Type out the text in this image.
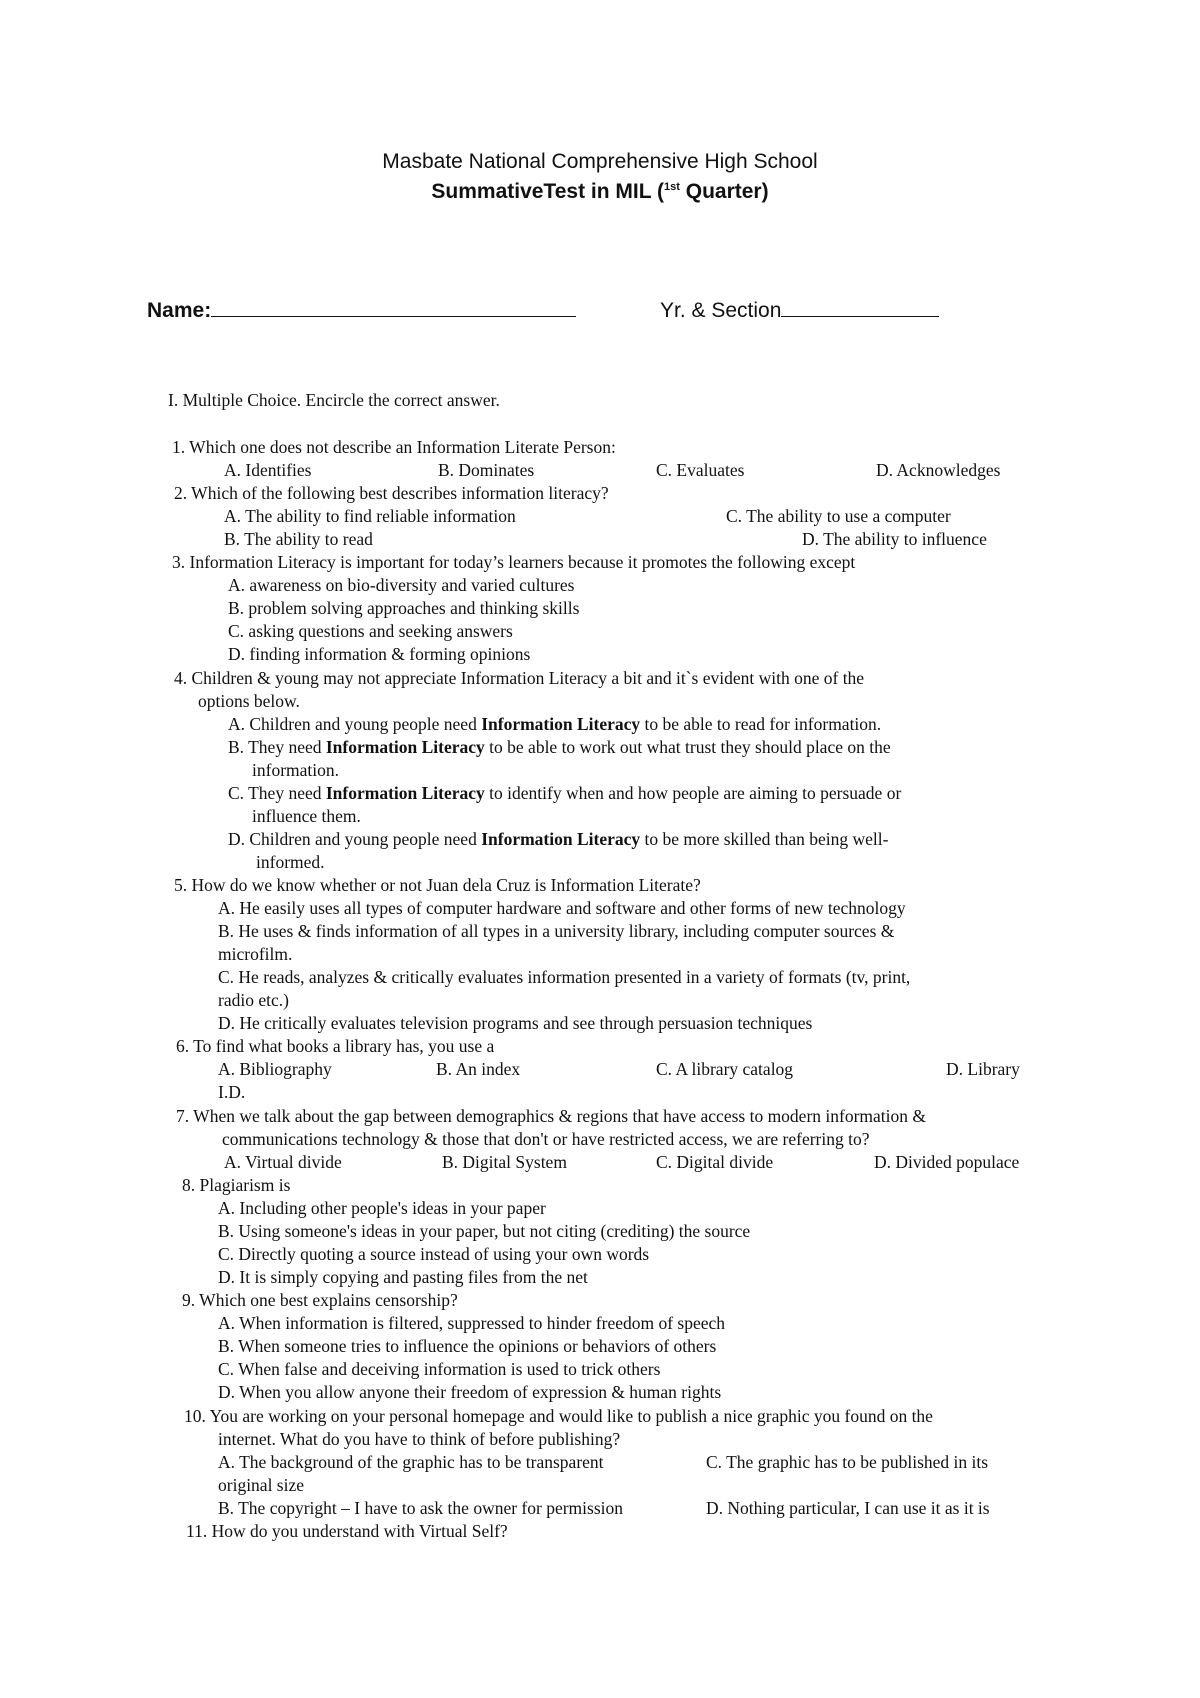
Masbate National Comprehensive High School
SummativeTest in MIL ($^{1st}$ Quarter)
Name:	Yr. & Section
I. Multiple Choice. Encircle the correct answer.
1. Which one does not describe an Information Literate Person:
A. Identifies	B. Dominates	C. Evaluates	D. Acknowledges
2. Which of the following best describes information literacy?
A. The ability to find reliable information	C. The ability to use a computer
B. The ability to read	D. The ability to influence
3. Information Literacy is important for today’s learners because it promotes the following except
A. awareness on bio-diversity and varied cultures
B. problem solving approaches and thinking skills
C. asking questions and seeking answers
D. finding information & forming opinions
4. Children & young may not appreciate Information Literacy a bit and it`s evident with one of the
options below.
A. Children and young people need Information Literacy to be able to read for information.
B. They need Information Literacy to be able to work out what trust they should place on the
information.
C. They need Information Literacy to identify when and how people are aiming to persuade or
influence them.
D. Children and young people need Information Literacy to be more skilled than being well-
informed.
5. How do we know whether or not Juan dela Cruz is Information Literate?
A. He easily uses all types of computer hardware and software and other forms of new technology
B. He uses & finds information of all types in a university library, including computer sources &
microfilm.
C. He reads, analyzes & critically evaluates information presented in a variety of formats (tv, print,
radio etc.)
D. He critically evaluates television programs and see through persuasion techniques
6. To find what books a library has, you use a
A. Bibliography	B. An index	C. A library catalog	D. Library
I.D.
7. When we talk about the gap between demographics & regions that have access to modern information &
communications technology & those that don't or have restricted access, we are referring to?
A. Virtual divide	B. Digital System	C. Digital divide	D. Divided populace
8. Plagiarism is
A. Including other people's ideas in your paper
B. Using someone's ideas in your paper, but not citing (crediting) the source
C. Directly quoting a source instead of using your own words
D. It is simply copying and pasting files from the net
9. Which one best explains censorship?
A. When information is filtered, suppressed to hinder freedom of speech
B. When someone tries to influence the opinions or behaviors of others
C. When false and deceiving information is used to trick others
D. When you allow anyone their freedom of expression & human rights
10. You are working on your personal homepage and would like to publish a nice graphic you found on the
internet. What do you have to think of before publishing?
A. The background of the graphic has to be transparent	C. The graphic has to be published in its
original size
B. The copyright – I have to ask the owner for permission	D. Nothing particular, I can use it as it is
11. How do you understand with Virtual Self?
